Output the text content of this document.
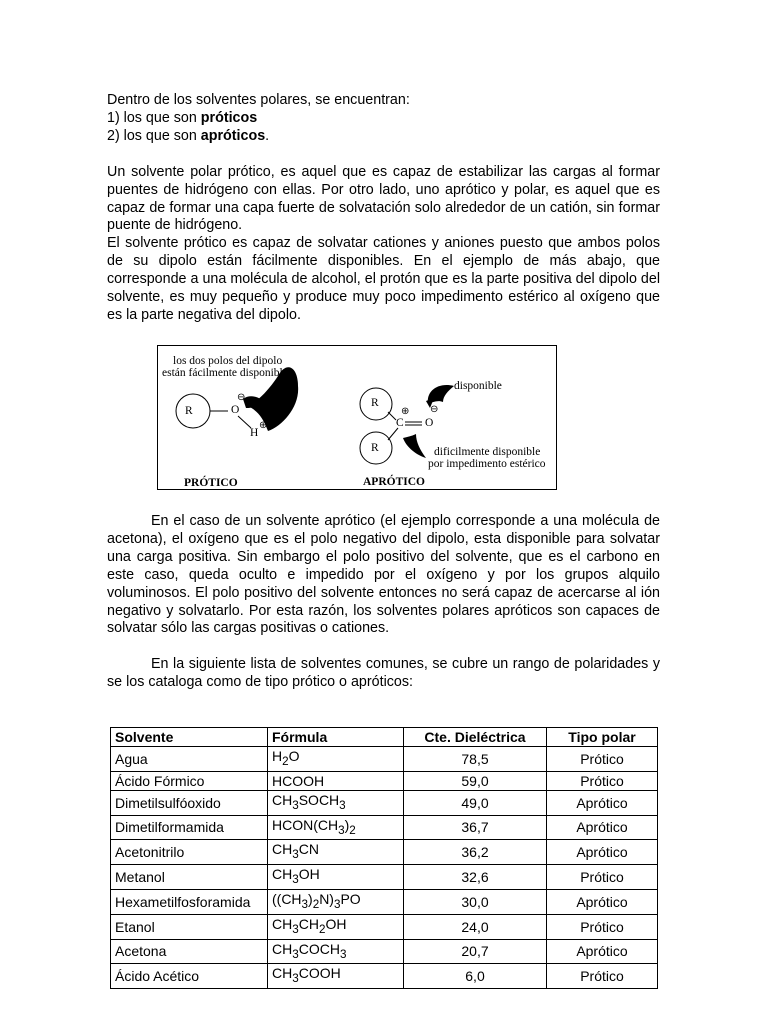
Dentro de los solventes polares, se encuentran:
1) los que son próticos
2) los que son apróticos.
Un solvente polar prótico, es aquel que es capaz de estabilizar las cargas al formar puentes de hidrógeno con ellas. Por otro lado, uno aprótico y polar, es aquel que es capaz de formar una capa fuerte de solvatación solo alrededor de un catión, sin formar puente de hidrógeno.
El solvente prótico es capaz de solvatar cationes y aniones puesto que ambos polos de su dipolo están fácilmente disponibles. En el ejemplo de más abajo, que corresponde a una molécula de alcohol, el protón que es la parte positiva del dipolo del solvente, es muy pequeño y produce muy poco impedimento estérico al oxígeno que es la parte negativa del dipolo.
los dos polos del dipolo
están fácilmente disponibles
R	O
⊖
H
⊕
R
R
C
⊕
O
⊖
disponible
dificilmente disponible
por impedimento estérico
PRÓTICO	APRÓTICO
En el caso de un solvente aprótico (el ejemplo corresponde a una molécula de acetona), el oxígeno que es el polo negativo del dipolo, esta disponible para solvatar una carga positiva. Sin embargo el polo positivo del solvente, que es el carbono en este caso, queda oculto e impedido por el oxígeno y por los grupos alquilo voluminosos. El polo positivo del solvente entonces no será capaz de acercarse al ión negativo y solvatarlo. Por esta razón, los solventes polares apróticos son capaces de solvatar sólo las cargas positivas o cationes.
En la siguiente lista de solventes comunes, se cubre un rango de polaridades y se los cataloga como de tipo prótico o apróticos:
Solvente	Fórmula	Cte. Dieléctrica	Tipo polar
Agua	$H_2O$	78,5	Prótico
Ácido Fórmico	HCOOH	59,0	Prótico
Dimetilsulfóoxido	$CH_3SOCH_3$	49,0	Aprótico
Dimetilformamida	$HCON(CH_3)_2$	36,7	Aprótico
Acetonitrilo	$CH_3CN$	36,2	Aprótico
Metanol	$CH_3OH$	32,6	Prótico
Hexametilfosforamida	$((CH_3)_2N)_3PO$	30,0	Aprótico
Etanol	$CH_3CH_2OH$	24,0	Prótico
Acetona	$CH_3COCH_3$	20,7	Aprótico
Ácido Acético	$CH_3COOH$	6,0	Prótico
